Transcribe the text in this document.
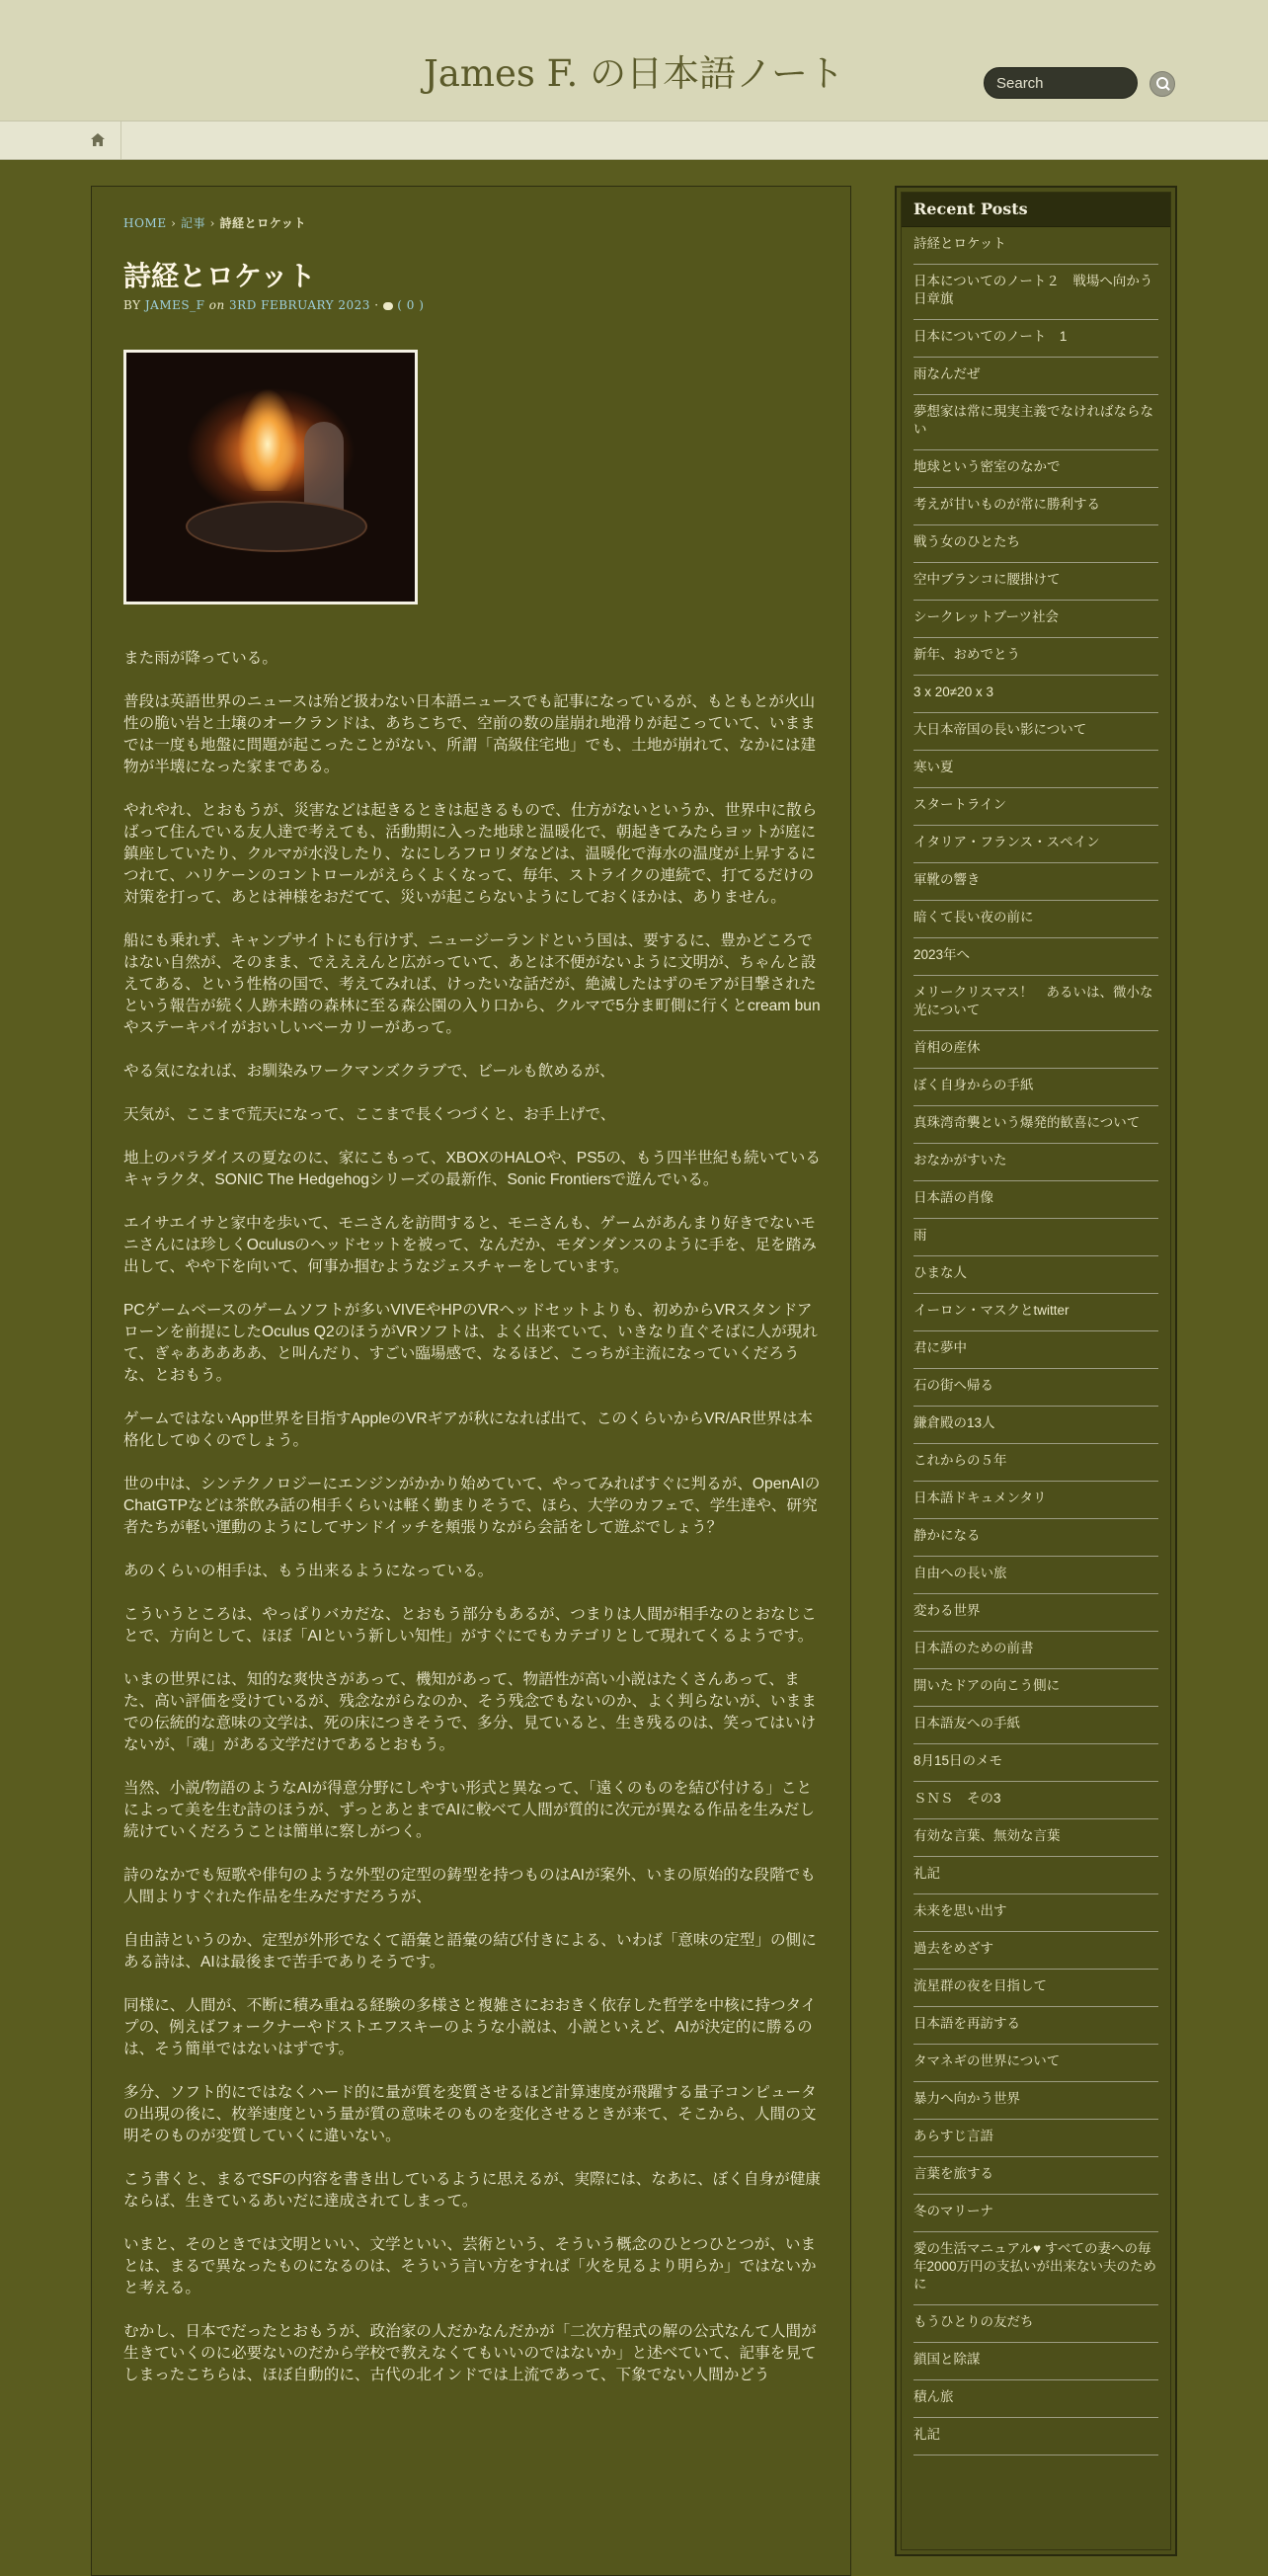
James F. の日本語ノート
Search
HOME › 記事 › 詩経とロケット
詩経とロケット
BY JAMES_F on 3RD FEBRUARY 2023 · ( 0 )

また雨が降っている。

普段は英語世界のニュースは殆ど扱わない日本語ニュースでも記事になっているが、もともとが火山性の脆い岩と土壌のオークランドは、あちこちで、空前の数の崖崩れ地滑りが起こっていて、いままでは一度も地盤に問題が起こったことがない、所謂「高級住宅地」でも、土地が崩れて、なかには建物が半壊になった家まである。

やれやれ、とおもうが、災害などは起きるときは起きるもので、仕方がないというか、世界中に散らばって住んでいる友人達で考えても、活動期に入った地球と温暖化で、朝起きてみたらヨットが庭に鎮座していたり、クルマが水没したり、なにしろフロリダなどは、温暖化で海水の温度が上昇するにつれて、ハリケーンのコントロールがえらくよくなって、毎年、ストライクの連続で、打てるだけの対策を打って、あとは神様をおだてて、災いが起こらないようにしておくほかは、ありません。

船にも乗れず、キャンプサイトにも行けず、ニュージーランドという国は、要するに、豊かどころではない自然が、そのまま、でえええんと広がっていて、あとは不便がないように文明が、ちゃんと設えてある、という性格の国で、考えてみれば、けったいな話だが、絶滅したはずのモアが目撃されたという報告が続く人跡未踏の森林に至る森公園の入り口から、クルマで5分ま町側に行くとcream bunやステーキパイがおいしいベーカリーがあって。

やる気になれば、お馴染みワークマンズクラブで、ビールも飲めるが、

天気が、ここまで荒天になって、ここまで長くつづくと、お手上げで、

地上のパラダイスの夏なのに、家にこもって、XBOXのHALOや、PS5の、もう四半世紀も続いているキャラクタ、SONIC The Hedgehogシリーズの最新作、Sonic Frontiersで遊んでいる。

エイサエイサと家中を歩いて、モニさんを訪問すると、モニさんも、ゲームがあんまり好きでないモニさんには珍しくOculusのヘッドセットを被って、なんだか、モダンダンスのように手を、足を踏み出して、やや下を向いて、何事か掴むようなジェスチャーをしています。

PCゲームベースのゲームソフトが多いVIVEやHPのVRヘッドセットよりも、初めからVRスタンドアローンを前提にしたOculus Q2のほうがVRソフトは、よく出来ていて、いきなり直ぐそばに人が現れて、ぎゃあああああ、と叫んだり、すごい臨場感で、なるほど、こっちが主流になっていくだろうな、とおもう。

ゲームではないApp世界を目指すAppleのVRギアが秋になれば出て、このくらいからVR/AR世界は本格化してゆくのでしょう。

世の中は、シンテクノロジーにエンジンがかかり始めていて、やってみればすぐに判るが、OpenAIのChatGTPなどは茶飲み話の相手くらいは軽く勤まりそうで、ほら、大学のカフェで、学生達や、研究者たちが軽い運動のようにしてサンドイッチを頬張りながら会話をして遊ぶでしょう？

あのくらいの相手は、もう出来るようになっている。

こういうところは、やっぱりバカだな、とおもう部分もあるが、つまりは人間が相手なのとおなじことで、方向として、ほぼ「AIという新しい知性」がすぐにでもカテゴリとして現れてくるようです。

いまの世界には、知的な爽快さがあって、機知があって、物語性が高い小説はたくさんあって、また、高い評価を受けているが、残念ながらなのか、そう残念でもないのか、よく判らないが、いままでの伝統的な意味の文学は、死の床につきそうで、多分、見ていると、生き残るのは、笑ってはいけないが、「魂」がある文学だけであるとおもう。

当然、小説/物語のようなAIが得意分野にしやすい形式と異なって、「遠くのものを結び付ける」ことによって美を生む詩のほうが、ずっとあとまでAIに較べて人間が質的に次元が異なる作品を生みだし続けていくだろうことは簡単に察しがつく。

詩のなかでも短歌や俳句のような外型の定型の鋳型を持つものはAIが案外、いまの原始的な段階でも人間よりすぐれた作品を生みだすだろうが、

自由詩というのか、定型が外形でなくて語彙と語彙の結び付きによる、いわば「意味の定型」の側にある詩は、AIは最後まで苦手でありそうです。

同様に、人間が、不断に積み重ねる経験の多様さと複雑さにおおきく依存した哲学を中核に持つタイプの、例えばフォークナーやドストエフスキーのような小説は、小説といえど、AIが決定的に勝るのは、そう簡単ではないはずです。

多分、ソフト的にではなくハード的に量が質を変質させるほど計算速度が飛躍する量子コンピュータの出現の後に、枚挙速度という量が質の意味そのものを変化させるときが来て、そこから、人間の文明そのものが変質していくに違いない。

こう書くと、まるでSFの内容を書き出しているように思えるが、実際には、なあに、ぼく自身が健康ならば、生きているあいだに達成されてしまって。

いまと、そのときでは文明といい、文学といい、芸術という、そういう概念のひとつひとつが、いまとは、まるで異なったものになるのは、そういう言い方をすれば「火を見るより明らか」ではないかと考える。

むかし、日本でだったとおもうが、政治家の人だかなんだかが「二次方程式の解の公式なんて人間が生きていくのに必要ないのだから学校で教えなくてもいいのではないか」と述べていて、記事を見てしまったこちらは、ほぼ自動的に、古代の北インドでは上流であって、下象でない人間かどう

Recent Posts
詩経とロケット
日本についてのノート２　戦場へ向かう日章旗
日本についてのノート　1
雨なんだぜ
夢想家は常に現実主義でなければならない
地球という密室のなかで
考えが甘いものが常に勝利する
戦う女のひとたち
空中ブランコに腰掛けて
シークレットブーツ社会
新年、おめでとう
3 x 20≠20 x 3
大日本帝国の長い影について
寒い夏
スタートライン
イタリア・フランス・スペイン
軍靴の響き
暗くて長い夜の前に
2023年へ
メリークリスマス！　あるいは、微小な光について
首相の産休
ぼく自身からの手紙
真珠湾奇襲という爆発的歓喜について
おなかがすいた
日本語の肖像
雨
ひまな人
イーロン・マスクとtwitter
君に夢中
石の街へ帰る
鎌倉殿の13人
これからの５年
日本語ドキュメンタリ
静かになる
自由への長い旅
変わる世界
日本語のための前書
開いたドアの向こう側に
日本語友への手紙
8月15日のメモ
ＳＮＳ　その3
有効な言葉、無効な言葉
礼記
未来を思い出す
過去をめざす
流星群の夜を目指して
日本語を再訪する
タマネギの世界について
暴力へ向かう世界
あらすじ言語
言葉を旅する
冬のマリーナ
愛の生活マニュアル♥ すべての妻への毎年2000万円の支払いが出来ない夫のために
もうひとりの友だち
鎖国と除謀
積ん旅
礼記
